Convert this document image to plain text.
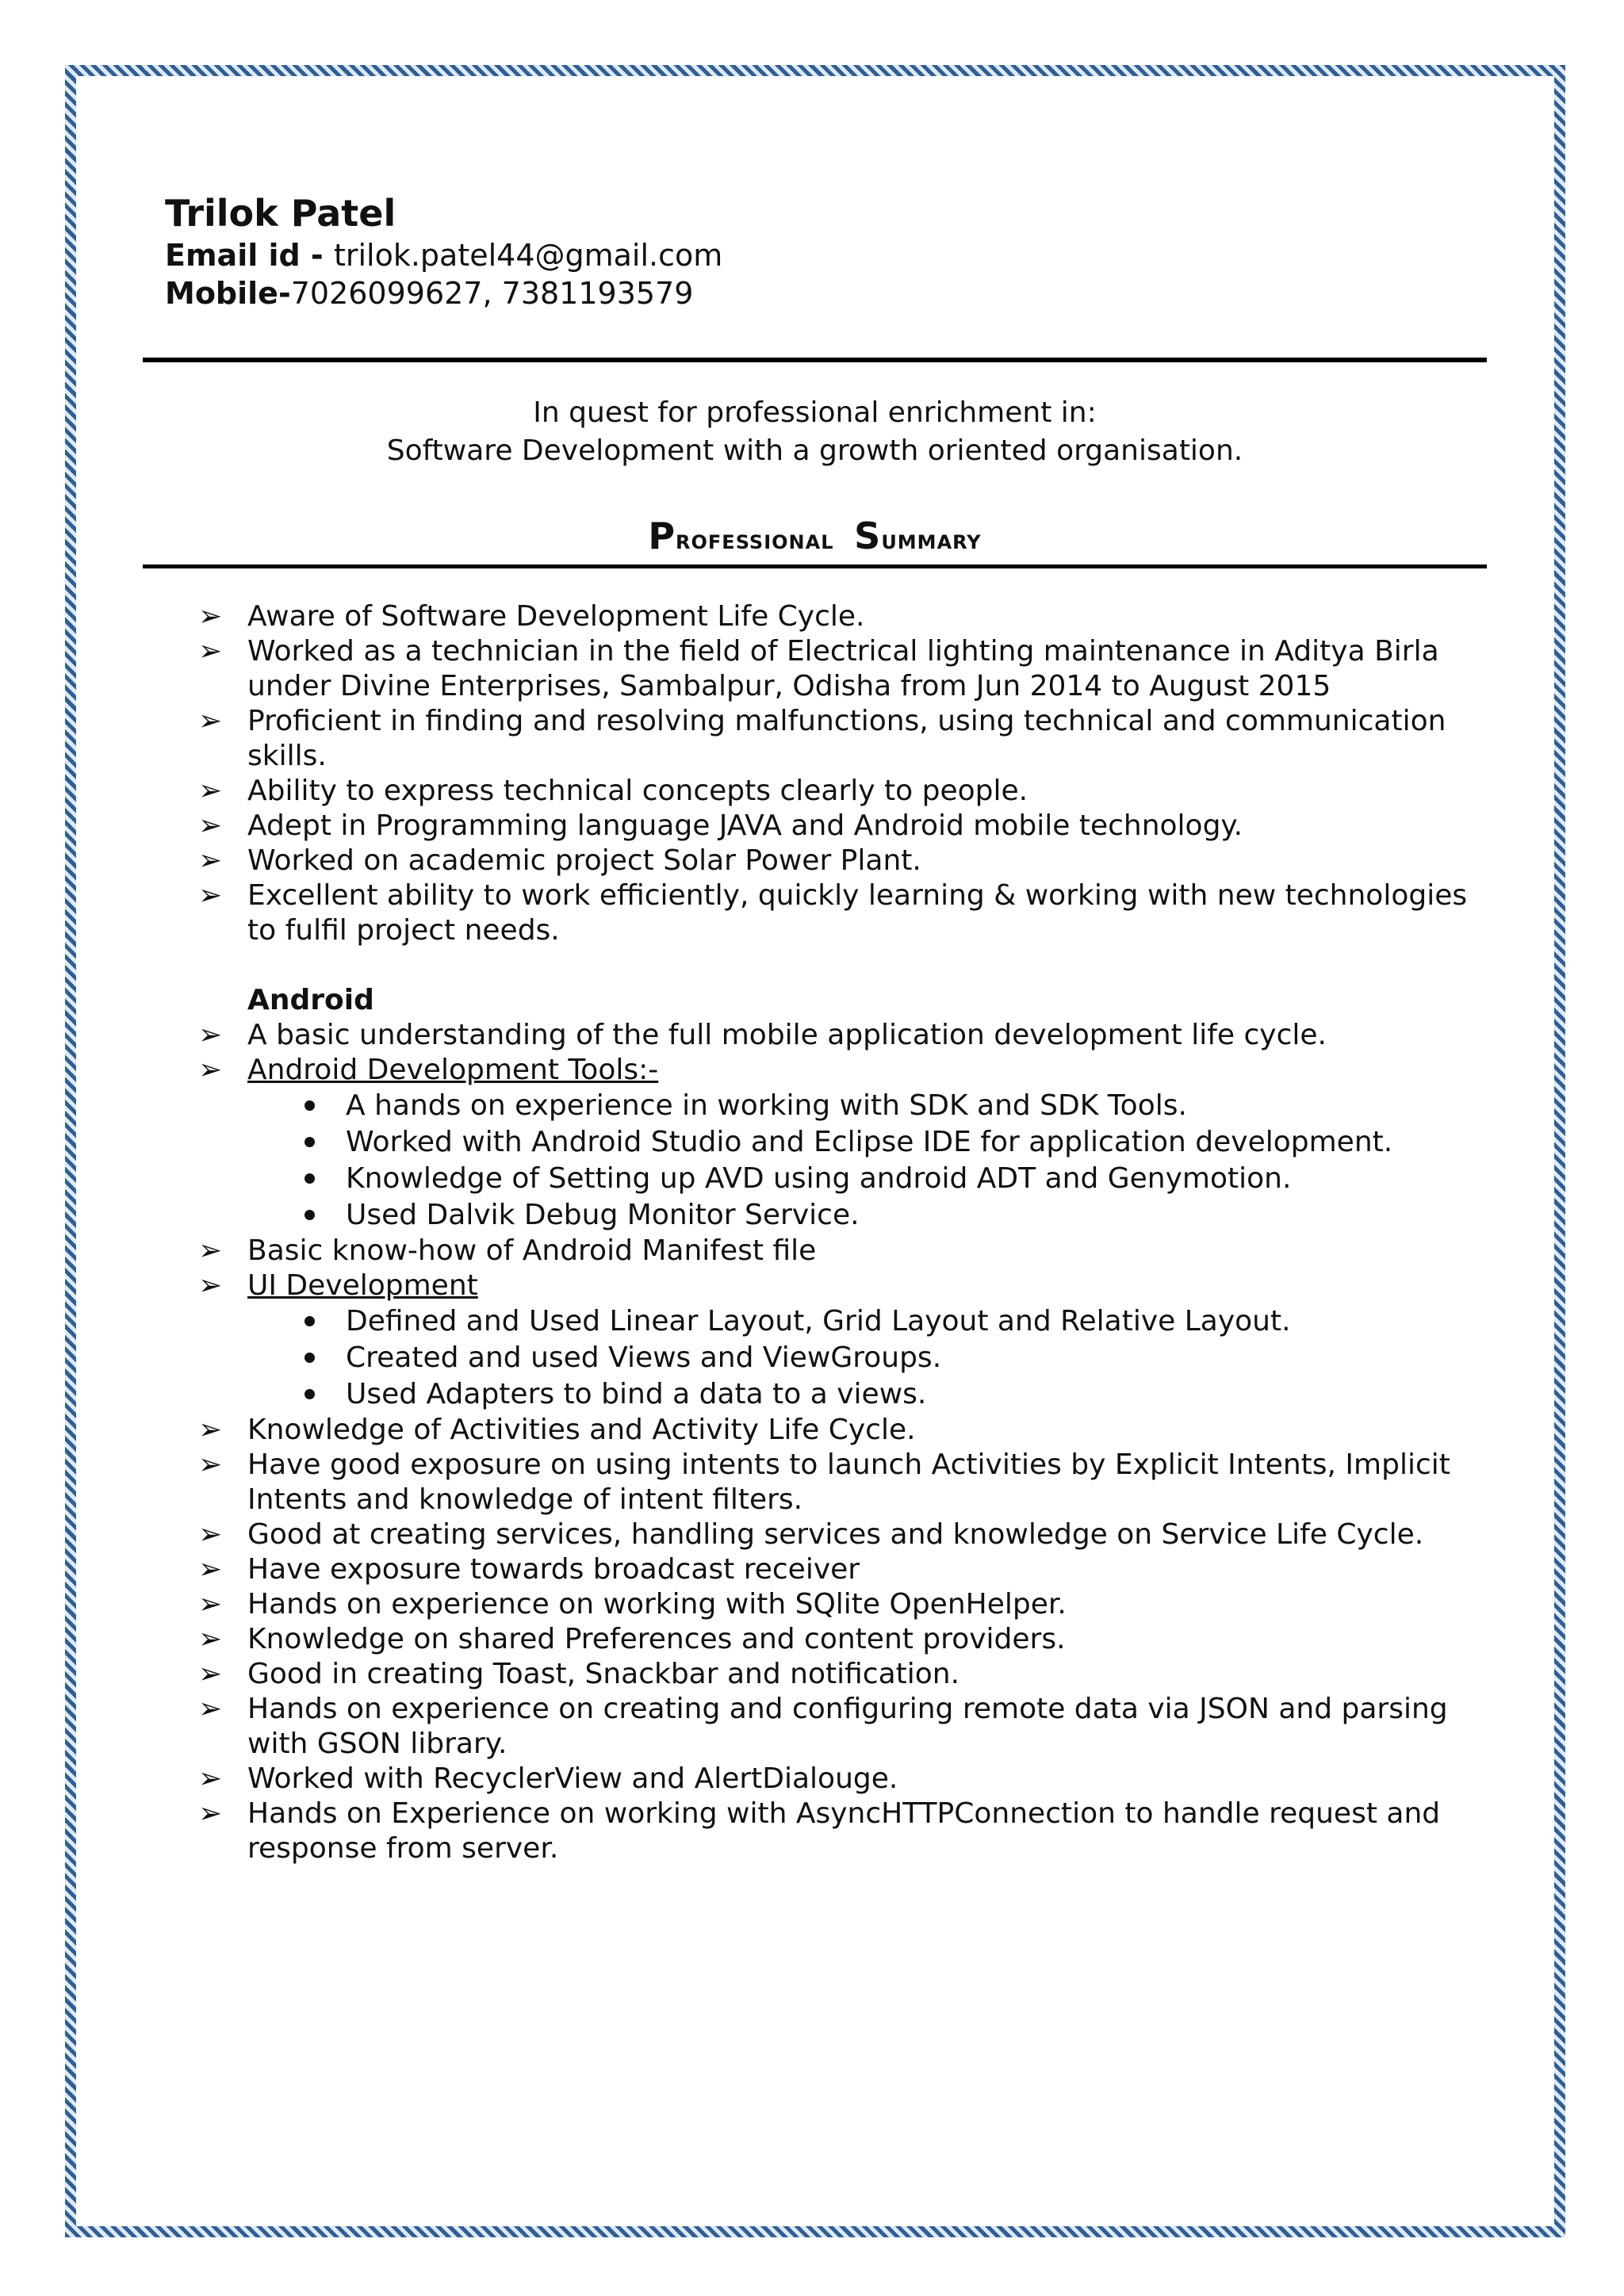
Trilok Patel

Email id - trilok.patel44@gmail.com

Mobile-7026099627, 7381193579

In quest for professional enrichment in:
Software Development with a growth oriented organisation.
Professional Summary
➢ Aware of Software Development Life Cycle.
➢ Worked as a technician in the field of Electrical lighting maintenance in Aditya Birla under Divine Enterprises, Sambalpur, Odisha from Jun 2014 to August 2015
➢ Proficient in finding and resolving malfunctions, using technical and communication skills.
➢ Ability to express technical concepts clearly to people.
➢ Adept in Programming language JAVA and Android mobile technology.
➢ Worked on academic project Solar Power Plant.
➢ Excellent ability to work efficiently, quickly learning & working with new technologies to fulfil project needs.
Android
➢ A basic understanding of the full mobile application development life cycle.
➢ Android Development Tools:-
A hands on experience in working with SDK and SDK Tools.
Worked with Android Studio and Eclipse IDE for application development.
Knowledge of Setting up AVD using android ADT and Genymotion.
Used Dalvik Debug Monitor Service.
➢ Basic know-how of Android Manifest file
➢ UI Development
Defined and Used Linear Layout, Grid Layout and Relative Layout.
Created and used Views and ViewGroups.
Used Adapters to bind a data to a views.
➢ Knowledge of Activities and Activity Life Cycle.
➢ Have good exposure on using intents to launch Activities by Explicit Intents, Implicit Intents and knowledge of intent filters.
➢ Good at creating services, handling services and knowledge on Service Life Cycle.
➢ Have exposure towards broadcast receiver
➢ Hands on experience on working with SQlite OpenHelper.
➢ Knowledge on shared Preferences and content providers.
➢ Good in creating Toast, Snackbar and notification.
➢ Hands on experience on creating and configuring remote data via JSON and parsing with GSON library.
➢ Worked with RecyclerView and AlertDialouge.
➢ Hands on Experience on working with AsyncHTTPConnection to handle request and response from server.
